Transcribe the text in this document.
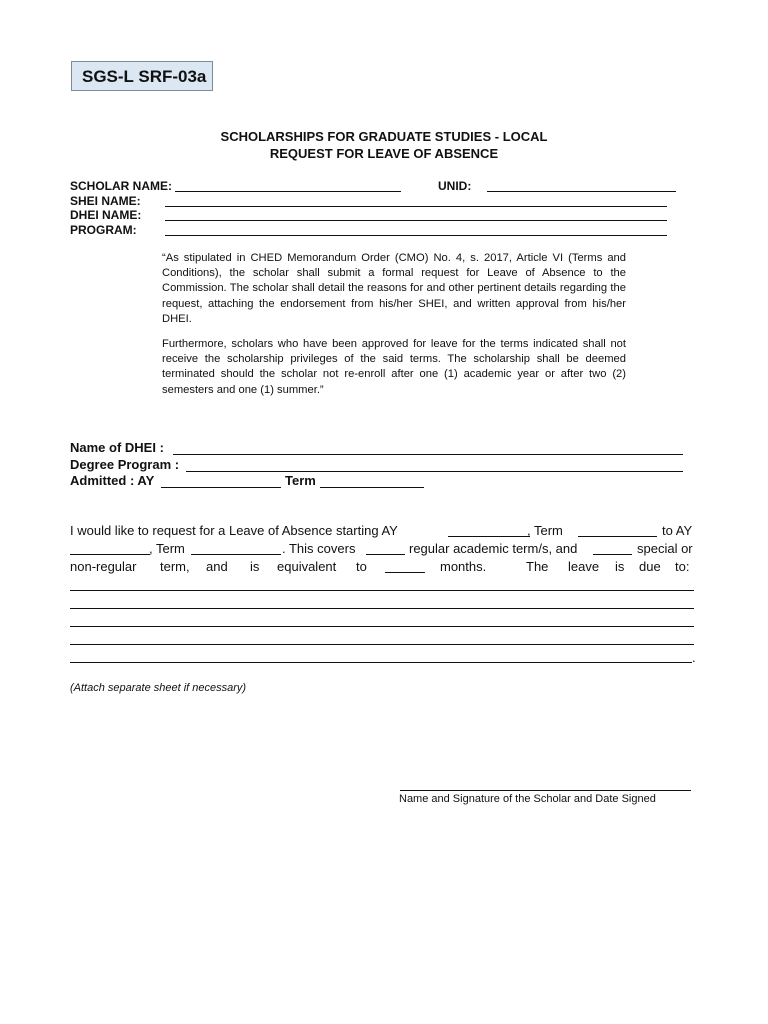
SGS-L SRF-03a
SCHOLARSHIPS FOR GRADUATE STUDIES - LOCAL
REQUEST FOR LEAVE OF ABSENCE
SCHOLAR NAME:	UNID:
SHEI NAME:
DHEI NAME:
PROGRAM:
“As stipulated in CHED Memorandum Order (CMO) No. 4, s. 2017, Article VI (Terms and Conditions), the scholar shall submit a formal request for Leave of Absence to the Commission. The scholar shall detail the reasons for and other pertinent details regarding the request, attaching the endorsement from his/her SHEI, and written approval from his/her DHEI.
Furthermore, scholars who have been approved for leave for the terms indicated shall not receive the scholarship privileges of the said terms. The scholarship shall be deemed terminated should the scholar not re-enroll after one (1) academic year or after two (2) semesters and one (1) summer.”
Name of DHEI :
Degree Program :
Admitted : AY	Term
I would like to request for a Leave of Absence starting AY	, Term	to AY
, Term	. This covers	regular academic term/s, and	special or
non-regular term, and is equivalent to	months.	The leave is due to:
.
(Attach separate sheet if necessary)
Name and Signature of the Scholar and Date Signed
